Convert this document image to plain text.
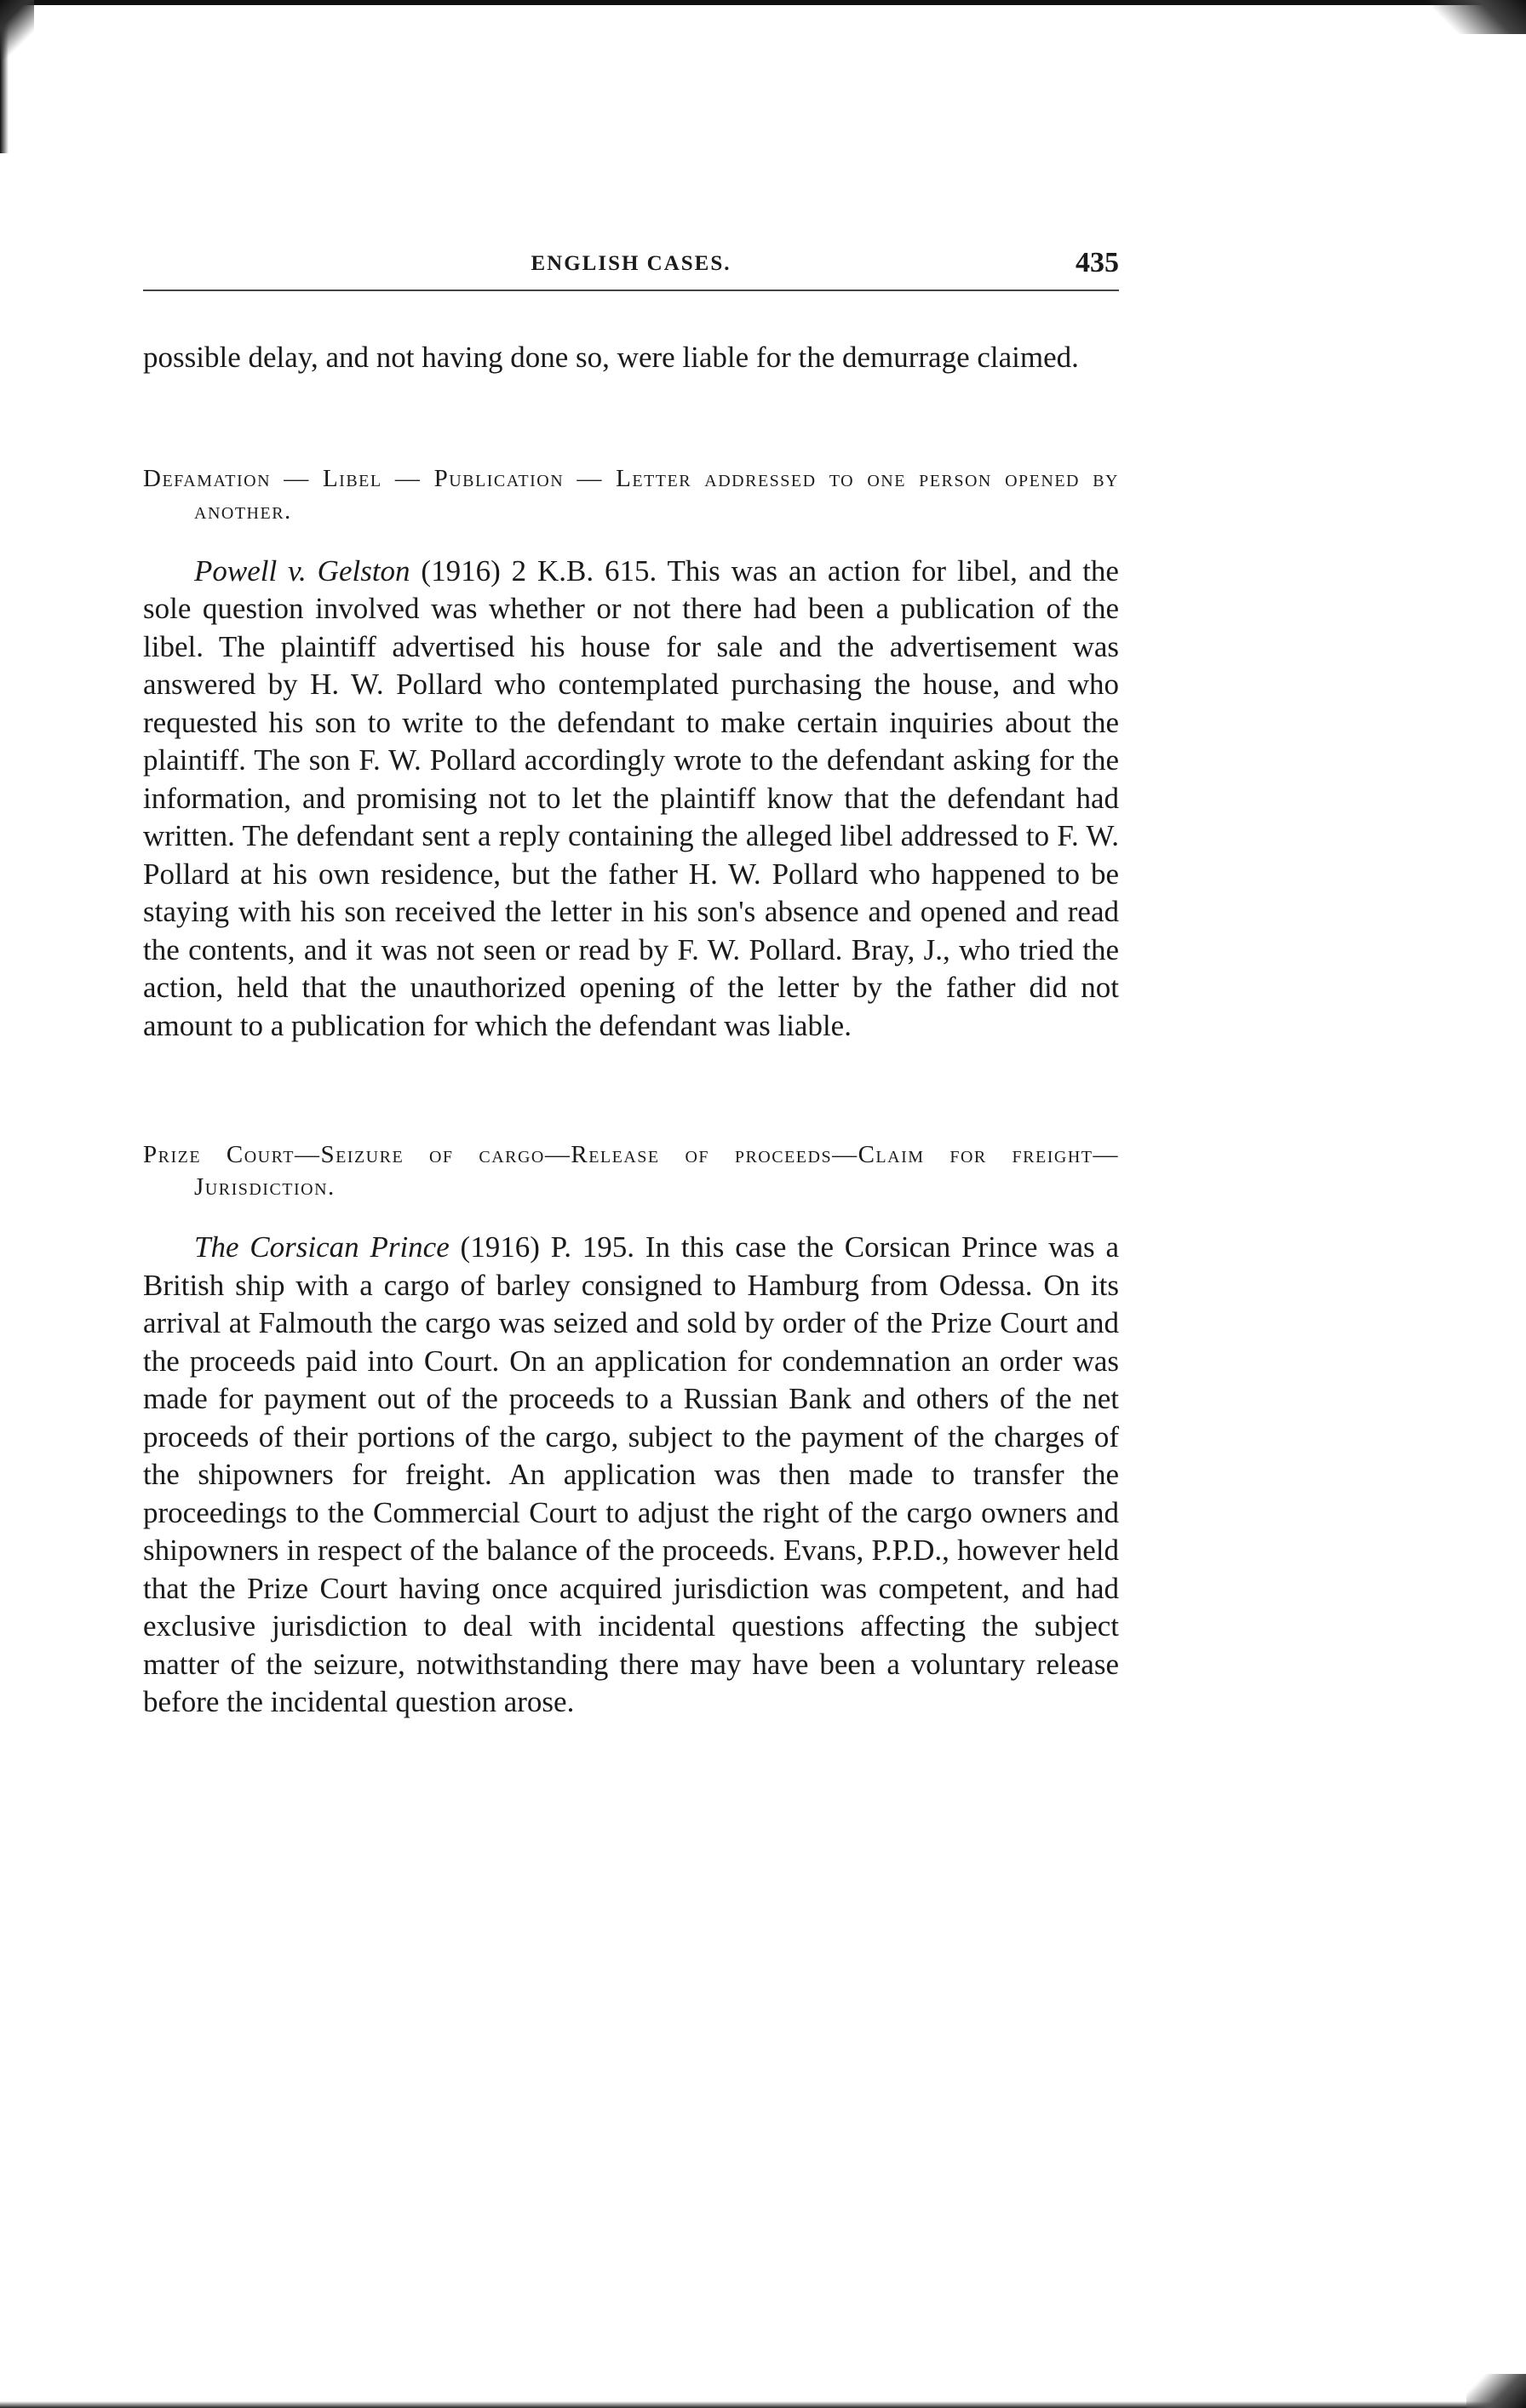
ENGLISH CASES.	435

possible delay, and not having done so, were liable for the demurrage claimed.

Defamation — Libel — Publication — Letter addressed to one person opened by another.

Powell v. Gelston (1916) 2 K.B. 615. This was an action for libel, and the sole question involved was whether or not there had been a publication of the libel. The plaintiff advertised his house for sale and the advertisement was answered by H. W. Pollard who contemplated purchasing the house, and who requested his son to write to the defendant to make certain inquiries about the plaintiff. The son F. W. Pollard accordingly wrote to the defendant asking for the information, and promising not to let the plaintiff know that the defendant had written. The defendant sent a reply containing the alleged libel addressed to F. W. Pollard at his own residence, but the father H. W. Pollard who happened to be staying with his son received the letter in his son's absence and opened and read the contents, and it was not seen or read by F. W. Pollard. Bray, J., who tried the action, held that the unauthorized opening of the letter by the father did not amount to a publication for which the defendant was liable.

Prize Court—Seizure of cargo—Release of proceeds—Claim for freight—Jurisdiction.

The Corsican Prince (1916) P. 195. In this case the Corsican Prince was a British ship with a cargo of barley consigned to Hamburg from Odessa. On its arrival at Falmouth the cargo was seized and sold by order of the Prize Court and the proceeds paid into Court. On an application for condemnation an order was made for payment out of the proceeds to a Russian Bank and others of the net proceeds of their portions of the cargo, subject to the payment of the charges of the shipowners for freight. An application was then made to transfer the proceedings to the Commercial Court to adjust the right of the cargo owners and shipowners in respect of the balance of the proceeds. Evans, P.P.D., however held that the Prize Court having once acquired jurisdiction was competent, and had exclusive jurisdiction to deal with incidental questions affecting the subject matter of the seizure, notwithstanding there may have been a voluntary release before the incidental question arose.
